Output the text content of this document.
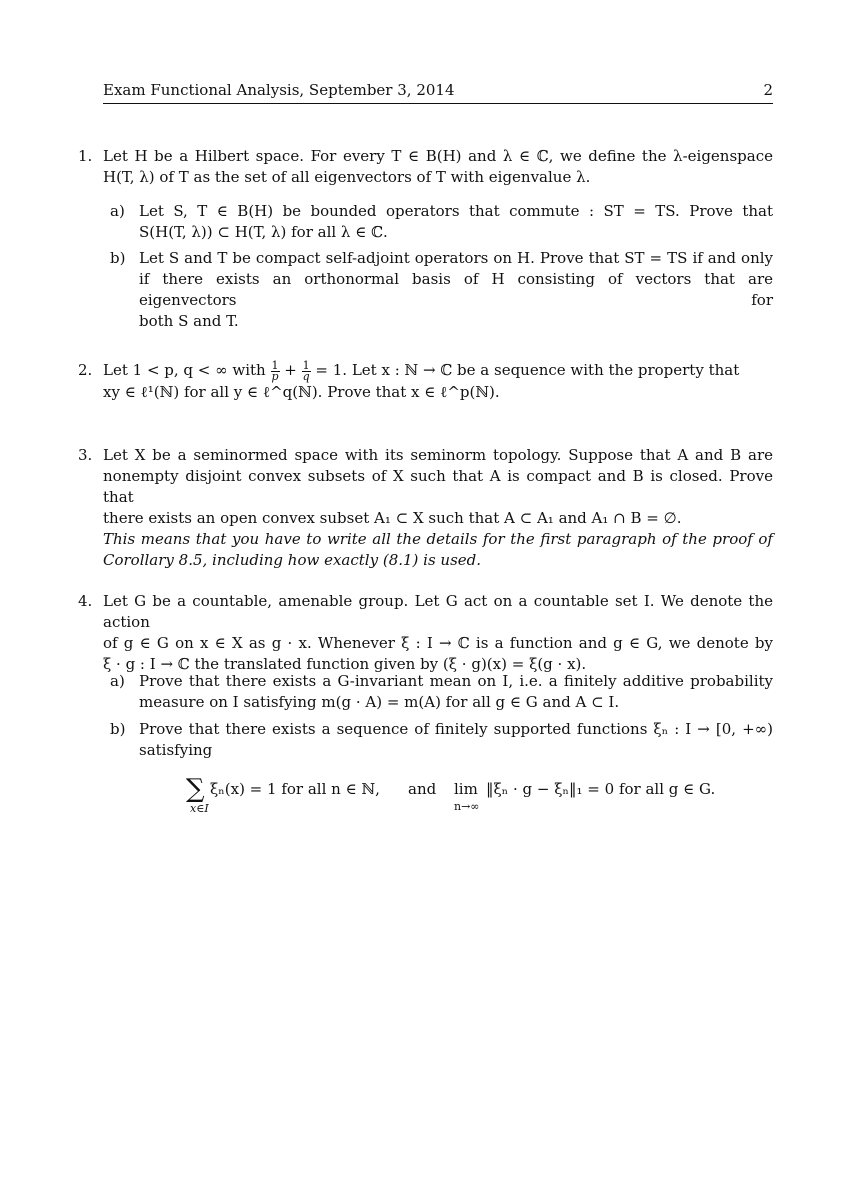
Exam Functional Analysis, September 3, 2014	2
1. Let H be a Hilbert space. For every T ∈ B(H) and λ ∈ ℂ, we define the λ-eigenspace
H(T, λ) of T as the set of all eigenvectors of T with eigenvalue λ.
a) Let S, T ∈ B(H) be bounded operators that commute : ST = TS. Prove that
S(H(T, λ)) ⊂ H(T, λ) for all λ ∈ ℂ.
b) Let S and T be compact self-adjoint operators on H. Prove that ST = TS if and only
if there exists an orthonormal basis of H consisting of vectors that are eigenvectors for
both S and T.
2. Let 1 < p, q < ∞ with $\frac{1}{p} + \frac{1}{q} = 1$. Let x : ℕ → ℂ be a sequence with the property that
xy ∈ ℓ¹(ℕ) for all y ∈ ℓ^q(ℕ). Prove that x ∈ ℓ^p(ℕ).
3. Let X be a seminormed space with its seminorm topology. Suppose that A and B are
nonempty disjoint convex subsets of X such that A is compact and B is closed. Prove that
there exists an open convex subset A₁ ⊂ X such that A ⊂ A₁ and A₁ ∩ B = ∅.
This means that you have to write all the details for the first paragraph of the proof of
Corollary 8.5, including how exactly (8.1) is used.
4. Let G be a countable, amenable group. Let G act on a countable set I. We denote the action
of g ∈ G on x ∈ X as g · x. Whenever ξ : I → ℂ is a function and g ∈ G, we denote by
ξ · g : I → ℂ the translated function given by (ξ · g)(x) = ξ(g · x).
a) Prove that there exists a G-invariant mean on I, i.e. a finitely additive probability
measure on I satisfying m(g · A) = m(A) for all g ∈ G and A ⊂ I.
b) Prove that there exists a sequence of finitely supported functions ξₙ : I → [0, +∞)
satisfying
∑
x∈I
ξₙ(x) = 1 for all n ∈ ℕ, and lim
n→∞
‖ξₙ · g − ξₙ‖₁ = 0 for all g ∈ G.
